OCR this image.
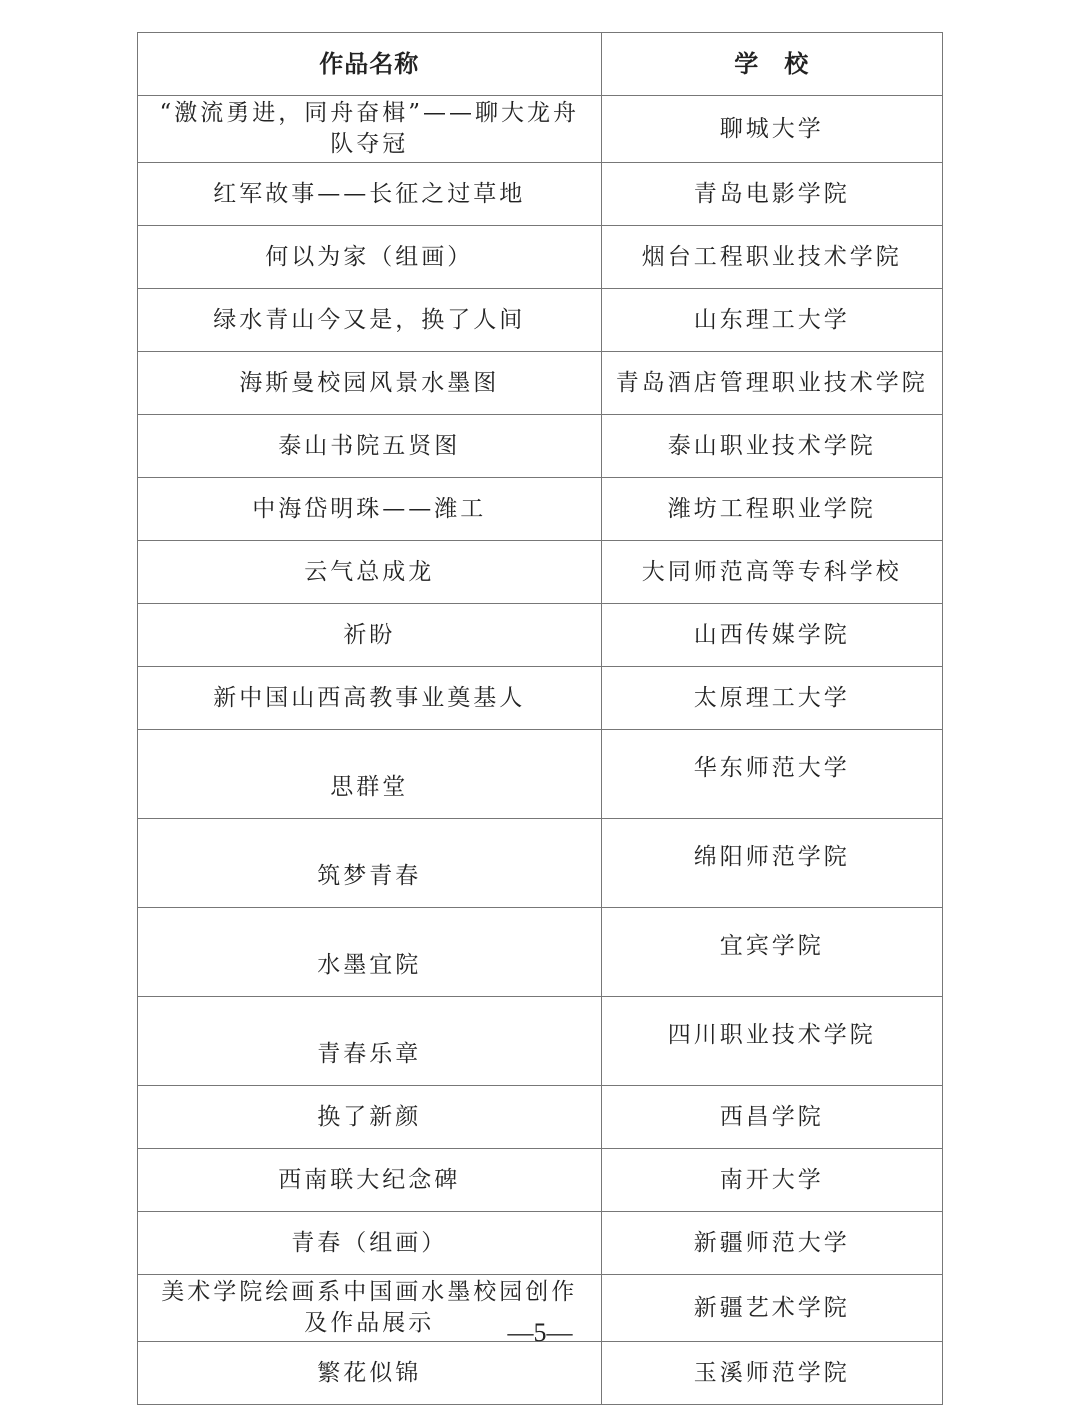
作品名称	学　校
“激流勇进，同舟奋楫”——聊大龙舟队夺冠	聊城大学
红军故事——长征之过草地	青岛电影学院
何以为家（组画）	烟台工程职业技术学院
绿水青山今又是，换了人间	山东理工大学
海斯曼校园风景水墨图	青岛酒店管理职业技术学院
泰山书院五贤图	泰山职业技术学院
中海岱明珠——潍工	潍坊工程职业学院
云气总成龙	大同师范高等专科学校
祈盼	山西传媒学院
新中国山西高教事业奠基人	太原理工大学
思群堂	华东师范大学
筑梦青春	绵阳师范学院
水墨宜院	宜宾学院
青春乐章	四川职业技术学院
换了新颜	西昌学院
西南联大纪念碑	南开大学
青春（组画）	新疆师范大学
美术学院绘画系中国画水墨校园创作及作品展示	新疆艺术学院
繁花似锦	玉溪师范学院
—5—
